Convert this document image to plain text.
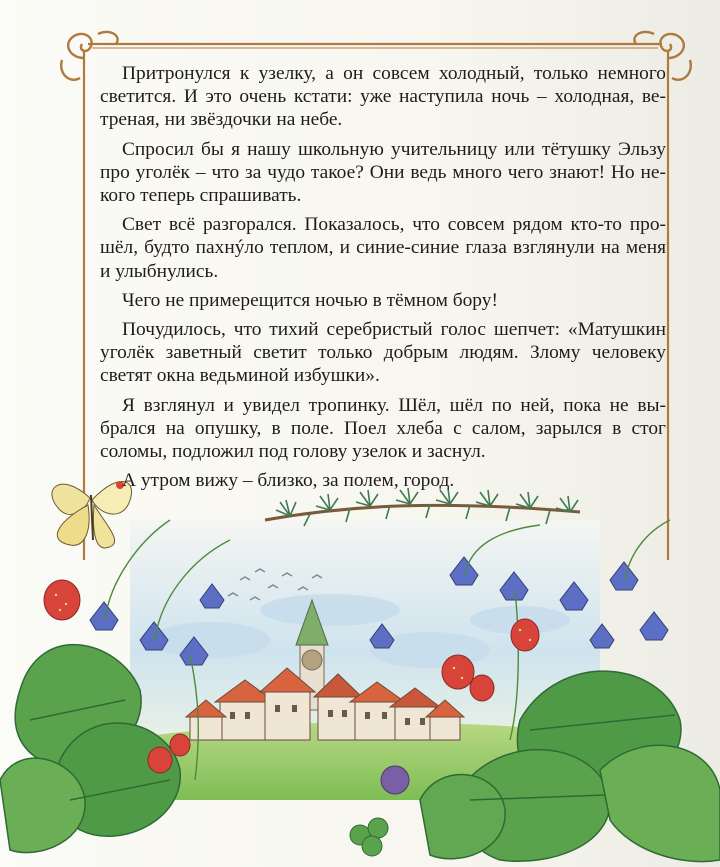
Притронулся к узелку, а он совсем холодный, только немного светится. И это очень кстати: уже наступила ночь – холодная, ветреная, ни звёздочки на небе.

Спросил бы я нашу школьную учительницу или тётушку Эльзу про уголёк – что за чудо такое? Они ведь много чего знают! Но некого теперь спрашивать.

Свет всё разгорался. Показалось, что совсем рядом кто-то прошёл, будто пахнýло теплом, и синие-синие глаза взглянули на меня и улыбнулись.

Чего не примерещится ночью в тёмном бору!

Почудилось, что тихий серебристый голос шепчет: «Матушкин уголёк заветный светит только добрым людям. Злому человеку светят окна ведьминой избушки».

Я взглянул и увидел тропинку. Шёл, шёл по ней, пока не выбрался на опушку, в поле. Поел хлеба с салом, зарылся в стог соломы, подложил под голову узелок и заснул.

А утром вижу – близко, за полем, город.
